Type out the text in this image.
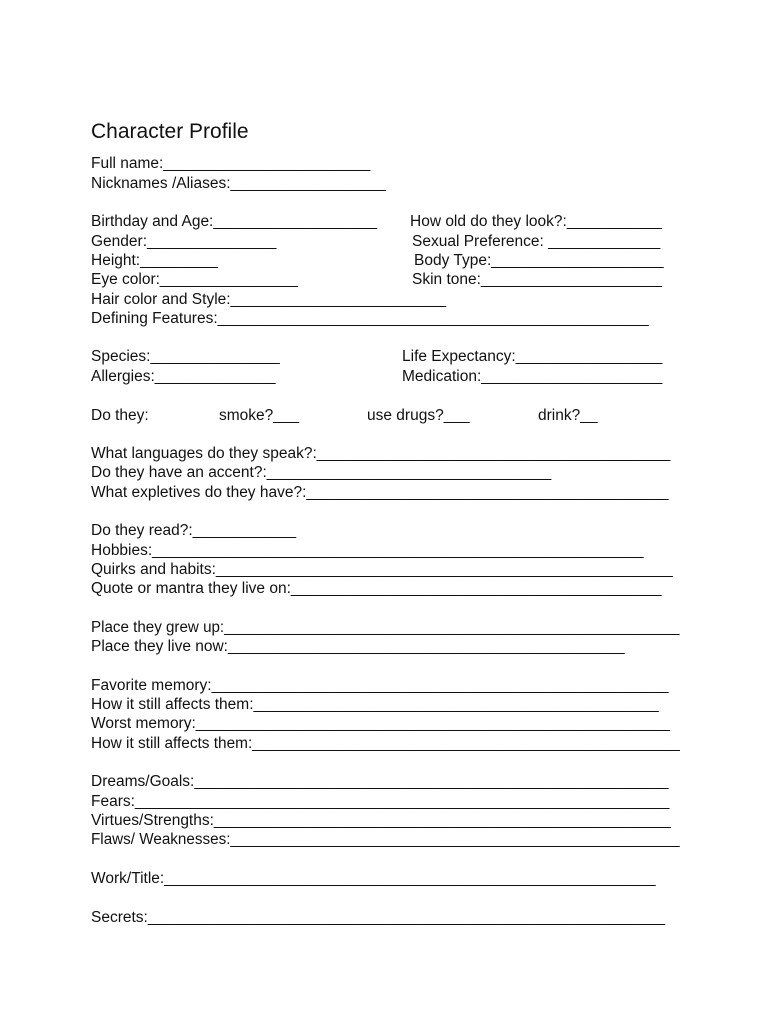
Character Profile
Full name:________________________
Nicknames /Aliases:__________________
Birthday and Age:___________________ How old do they look?:___________
Gender:_______________	Sexual Preference: _____________
Height:_________	Body Type:____________________
Eye color:________________	Skin tone:_____________________
Hair color and Style:_________________________
Defining Features:__________________________________________________
Species:_______________	Life Expectancy:_________________
Allergies:______________	Medication:_____________________
Do they:	smoke?___	use drugs?___	drink?__
What languages do they speak?:_________________________________________
Do they have an accent?:_________________________________
What expletives do they have?:__________________________________________
Do they read?:____________
Hobbies:_________________________________________________________
Quirks and habits:_____________________________________________________
Quote or mantra they live on:___________________________________________
Place they grew up:______________________________________________________
Place they live now:______________________________________________
Favorite memory:_____________________________________________________
How it still affects them:_______________________________________________
Worst memory:_______________________________________________________
How it still affects them:__________________________________________________
Dreams/Goals:_______________________________________________________
Fears:______________________________________________________________
Virtues/Strengths:_____________________________________________________
Flaws/ Weaknesses:_____________________________________________________
Work/Title:_________________________________________________________
Secrets:____________________________________________________________
